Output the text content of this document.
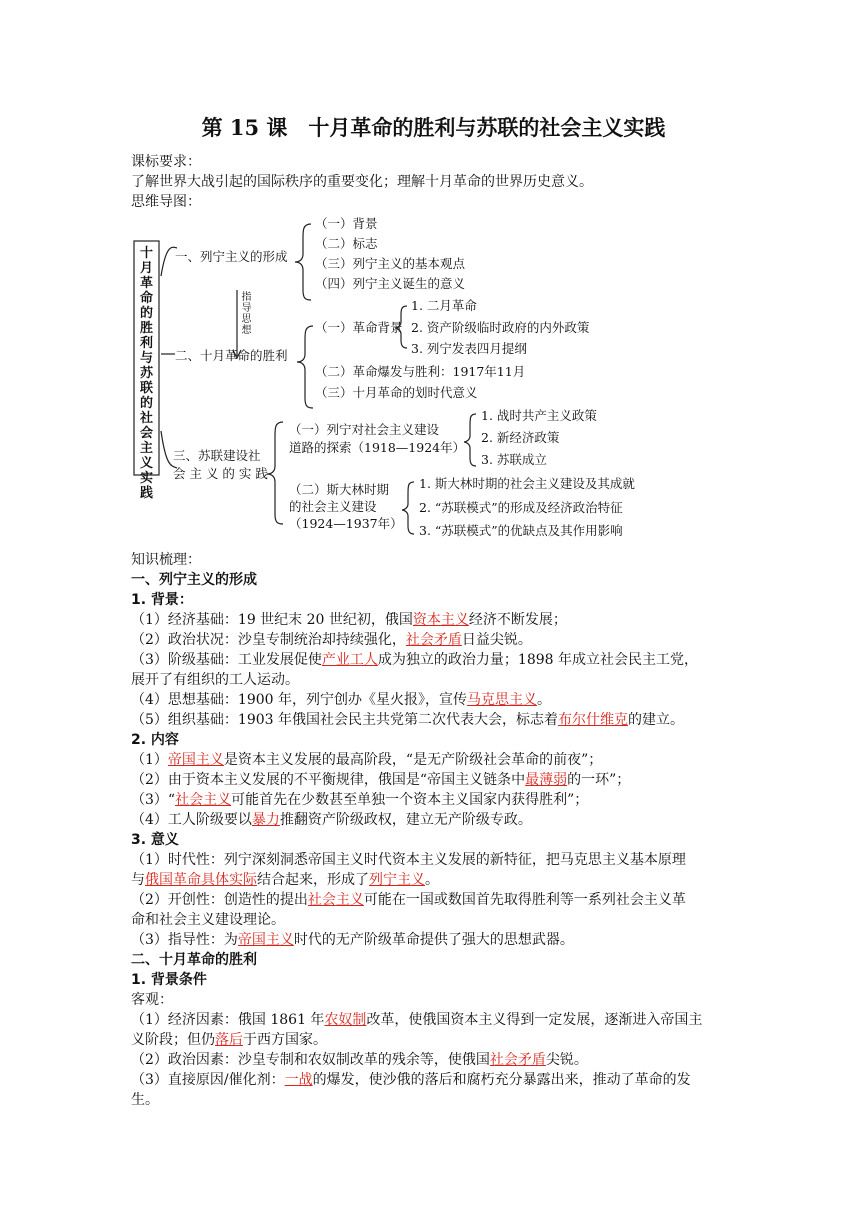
第 15 课　十月革命的胜利与苏联的社会主义实践

课标要求：

了解世界大战引起的国际秩序的重要变化；理解十月革命的世界历史意义。

思维导图：

十
月
革
命
的
胜
利
与
苏
联
的
社
会
主
义
实
践
指
导
思
想
一、列宁主义的形成
（一）背景
（二）标志
（三）列宁主义的基本观点
（四）列宁主义诞生的意义
二、十月革命的胜利
（一）革命背景
1. 二月革命
2. 资产阶级临时政府的内外政策
3. 列宁发表四月提纲
（二）革命爆发与胜利：1917年11月
（三）十月革命的划时代意义
三、苏联建设社
会 主 义 的 实 践
（一）列宁对社会主义建设
道路的探索（1918—1924年）
1. 战时共产主义政策
2. 新经济政策
3. 苏联成立
（二）斯大林时期
的社会主义建设
（1924—1937年）
1. 斯大林时期的社会主义建设及其成就
2. “苏联模式”的形成及经济政治特征
3. “苏联模式”的优缺点及其作用影响

知识梳理：

一、列宁主义的形成

1. 背景：

（1）经济基础：19 世纪末 20 世纪初，俄国资本主义经济不断发展；

（2）政治状况：沙皇专制统治却持续强化，社会矛盾日益尖锐。

（3）阶级基础：工业发展促使产业工人成为独立的政治力量；1898 年成立社会民主工党，

展开了有组织的工人运动。

（4）思想基础：1900 年，列宁创办《星火报》，宣传马克思主义。

（5）组织基础：1903 年俄国社会民主共党第二次代表大会，标志着布尔什维克的建立。

2. 内容

（1）帝国主义是资本主义发展的最高阶段，“是无产阶级社会革命的前夜”；

（2）由于资本主义发展的不平衡规律，俄国是“帝国主义链条中最薄弱的一环”；

（3）“社会主义可能首先在少数甚至单独一个资本主义国家内获得胜利”；

（4）工人阶级要以暴力推翻资产阶级政权，建立无产阶级专政。

3. 意义

（1）时代性：列宁深刻洞悉帝国主义时代资本主义发展的新特征，把马克思主义基本原理

与俄国革命具体实际结合起来，形成了列宁主义。

（2）开创性：创造性的提出社会主义可能在一国或数国首先取得胜利等一系列社会主义革

命和社会主义建设理论。

（3）指导性：为帝国主义时代的无产阶级革命提供了强大的思想武器。

二、十月革命的胜利

1. 背景条件

客观：

（1）经济因素：俄国 1861 年农奴制改革，使俄国资本主义得到一定发展，逐渐进入帝国主

义阶段；但仍落后于西方国家。

（2）政治因素：沙皇专制和农奴制改革的残余等，使俄国社会矛盾尖锐。

（3）直接原因/催化剂：一战的爆发，使沙俄的落后和腐朽充分暴露出来，推动了革命的发

生。
